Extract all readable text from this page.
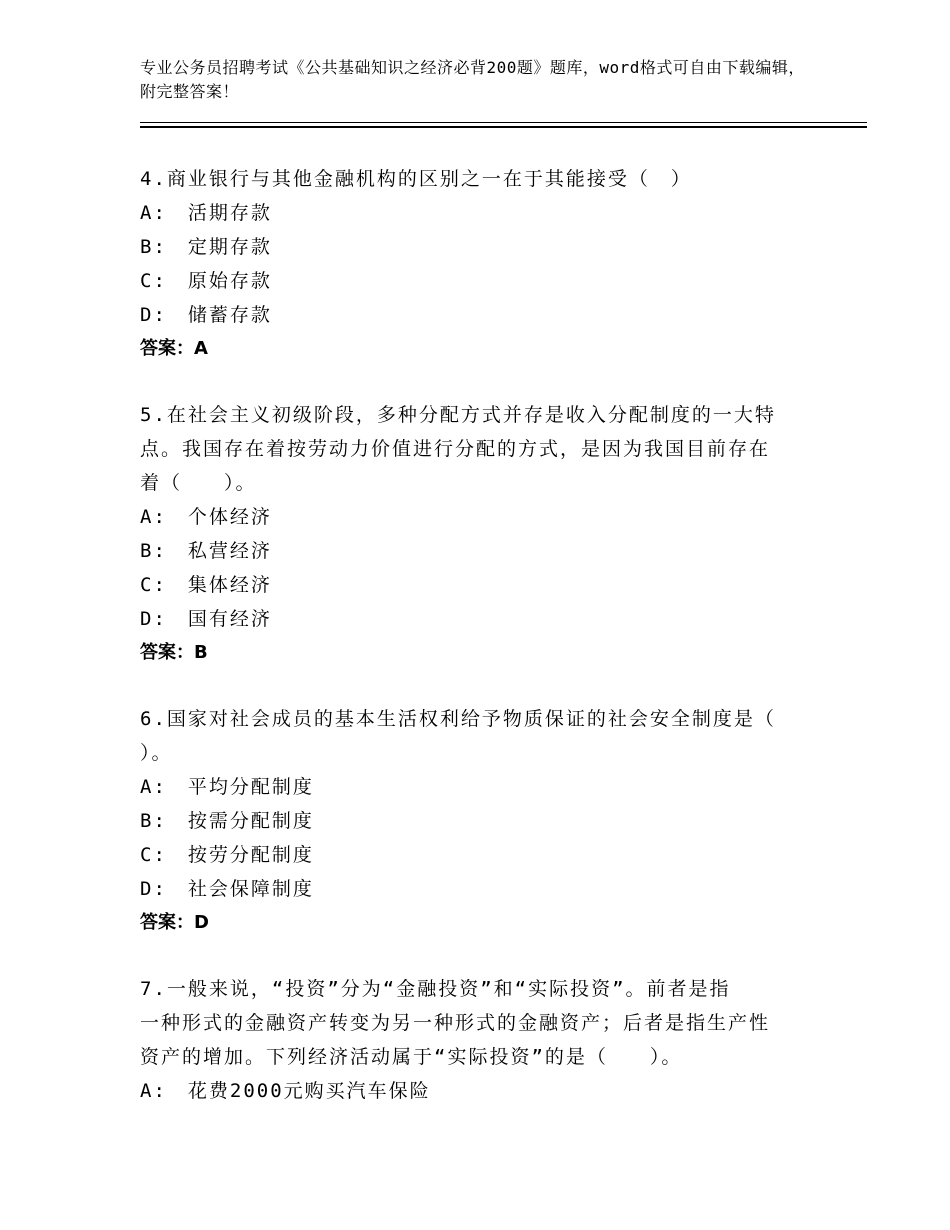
专业公务员招聘考试《公共基础知识之经济必背200题》题库，word格式可自由下载编辑，附完整答案！
4.商业银行与其他金融机构的区别之一在于其能接受（　）
A:　活期存款
B:　定期存款
C:　原始存款
D:　储蓄存款
答案：A
5.在社会主义初级阶段，多种分配方式并存是收入分配制度的一大特
点。我国存在着按劳动力价值进行分配的方式，是因为我国目前存在
着（　　）。
A:　个体经济
B:　私营经济
C:　集体经济
D:　国有经济
答案：B
6.国家对社会成员的基本生活权利给予物质保证的社会安全制度是（
）。
A:　平均分配制度
B:　按需分配制度
C:　按劳分配制度
D:　社会保障制度
答案：D
7.一般来说，“投资”分为“金融投资”和“实际投资”。前者是指
一种形式的金融资产转变为另一种形式的金融资产；后者是指生产性
资产的增加。下列经济活动属于“实际投资”的是（　　）。
A:　花费2000元购买汽车保险
